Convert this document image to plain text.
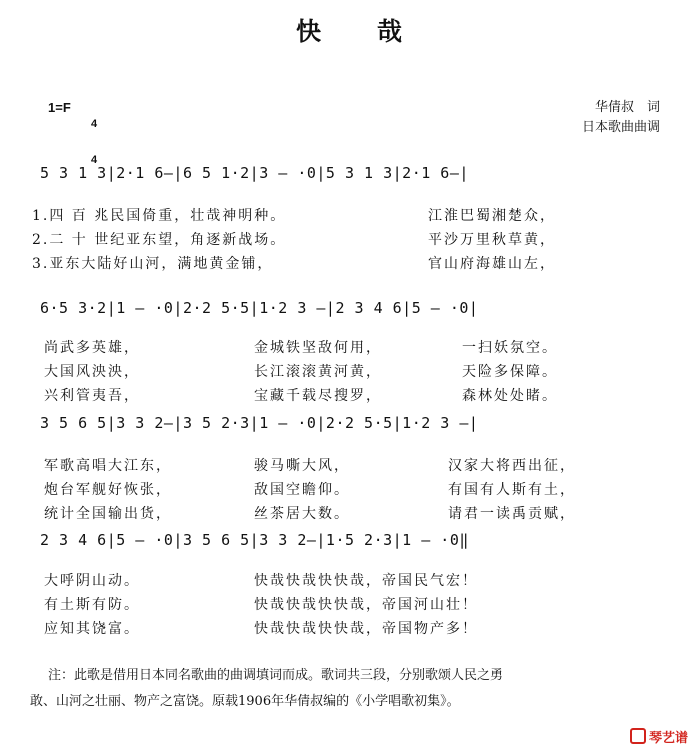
快　　哉
1=F

4

4

华倩叔　词
日本歌曲曲调
5 3 1 3|2·1 6—|6 5 1·2|3 — ·0|5 3 1 3|2·1 6—|
1.四 百 兆民国倚重，壮哉神明种。	江淮巴蜀湘楚众，
2.二 十 世纪亚东望，角逐新战场。	平沙万里秋草黄，
3.亚东大陆好山河，满地黄金铺，	官山府海雄山左，
6·5 3·2|1 — ·0|2·2 5·5|1·2 3 —|2 3 4 6|5 — ·0|
尚武多英雄，	金城铁坚敌何用，	一扫妖氛空。
大国风泱泱，	长江滚滚黄河黄，	天险多保障。
兴利管夷吾，	宝藏千载尽搜罗，	森林处处睹。
3 5 6 5|3 3 2—|3 5 2·3|1 — ·0|2·2 5·5|1·2 3 —|
军歌高唱大江东，	骏马嘶大风，	汉家大将西出征，
炮台军舰好恢张，	敌国空瞻仰。	有国有人斯有土，
统计全国输出货，	丝茶居大数。	请君一读禹贡赋，
2 3 4 6|5 — ·0|3 5 6 5|3 3 2—|1·5 2·3|1 — ·0‖
大呼阴山动。	快哉快哉快快哉，帝国民气宏！
有土斯有防。	快哉快哉快快哉，帝国河山壮！
应知其饶富。	快哉快哉快快哉，帝国物产多！
注：此歌是借用日本同名歌曲的曲调填词而成。歌词共三段，分别歌颂人民之勇
敢、山河之壮丽、物产之富饶。原载1906年华倩叔编的《小学唱歌初集》。
琴艺谱
